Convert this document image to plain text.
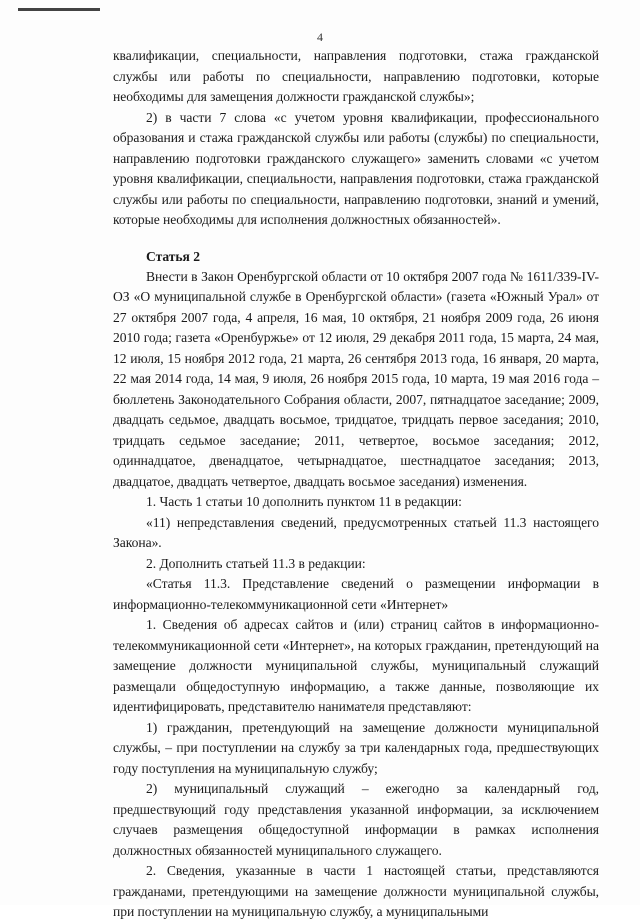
4

квалификации, специальности, направления подготовки, стажа гражданской службы или работы по специальности, направлению подготовки, которые необходимы для замещения должности гражданской службы»;

2) в части 7 слова «с учетом уровня квалификации, профессионального образования и стажа гражданской службы или работы (службы) по специальности, направлению подготовки гражданского служащего» заменить словами «с учетом уровня квалификации, специальности, направления подготовки, стажа гражданской службы или работы по специальности, направлению подготовки, знаний и умений, которые необходимы для исполнения должностных обязанностей».

Статья 2

Внести в Закон Оренбургской области от 10 октября 2007 года № 1611/339-IV-ОЗ «О муниципальной службе в Оренбургской области» (газета «Южный Урал» от 27 октября 2007 года, 4 апреля, 16 мая, 10 октября, 21 ноября 2009 года, 26 июня 2010 года; газета «Оренбуржье» от 12 июля, 29 декабря 2011 года, 15 марта, 24 мая, 12 июля, 15 ноября 2012 года, 21 марта, 26 сентября 2013 года, 16 января, 20 марта, 22 мая 2014 года, 14 мая, 9 июля, 26 ноября 2015 года, 10 марта, 19 мая 2016 года – бюллетень Законодательного Собрания области, 2007, пятнадцатое заседание; 2009, двадцать седьмое, двадцать восьмое, тридцатое, тридцать первое заседания; 2010, тридцать седьмое заседание; 2011, четвертое, восьмое заседания; 2012, одиннадцатое, двенадцатое, четырнадцатое, шестнадцатое заседания; 2013, двадцатое, двадцать четвертое, двадцать восьмое заседания) изменения.

1. Часть 1 статьи 10 дополнить пунктом 11 в редакции:

«11) непредставления сведений, предусмотренных статьей 11.3 настоящего Закона».

2. Дополнить статьей 11.3 в редакции:

«Статья 11.3. Представление сведений о размещении информации в информационно-телекоммуникационной сети «Интернет»

1. Сведения об адресах сайтов и (или) страниц сайтов в информационно-телекоммуникационной сети «Интернет», на которых гражданин, претендующий на замещение должности муниципальной службы, муниципальный служащий размещали общедоступную информацию, а также данные, позволяющие их идентифицировать, представителю нанимателя представляют:

1) гражданин, претендующий на замещение должности муниципальной службы, – при поступлении на службу за три календарных года, предшествующих году поступления на муниципальную службу;

2) муниципальный служащий – ежегодно за календарный год, предшествующий году представления указанной информации, за исключением случаев размещения общедоступной информации в рамках исполнения должностных обязанностей муниципального служащего.

2. Сведения, указанные в части 1 настоящей статьи, представляются гражданами, претендующими на замещение должности муниципальной службы, при поступлении на муниципальную службу, а муниципальными
